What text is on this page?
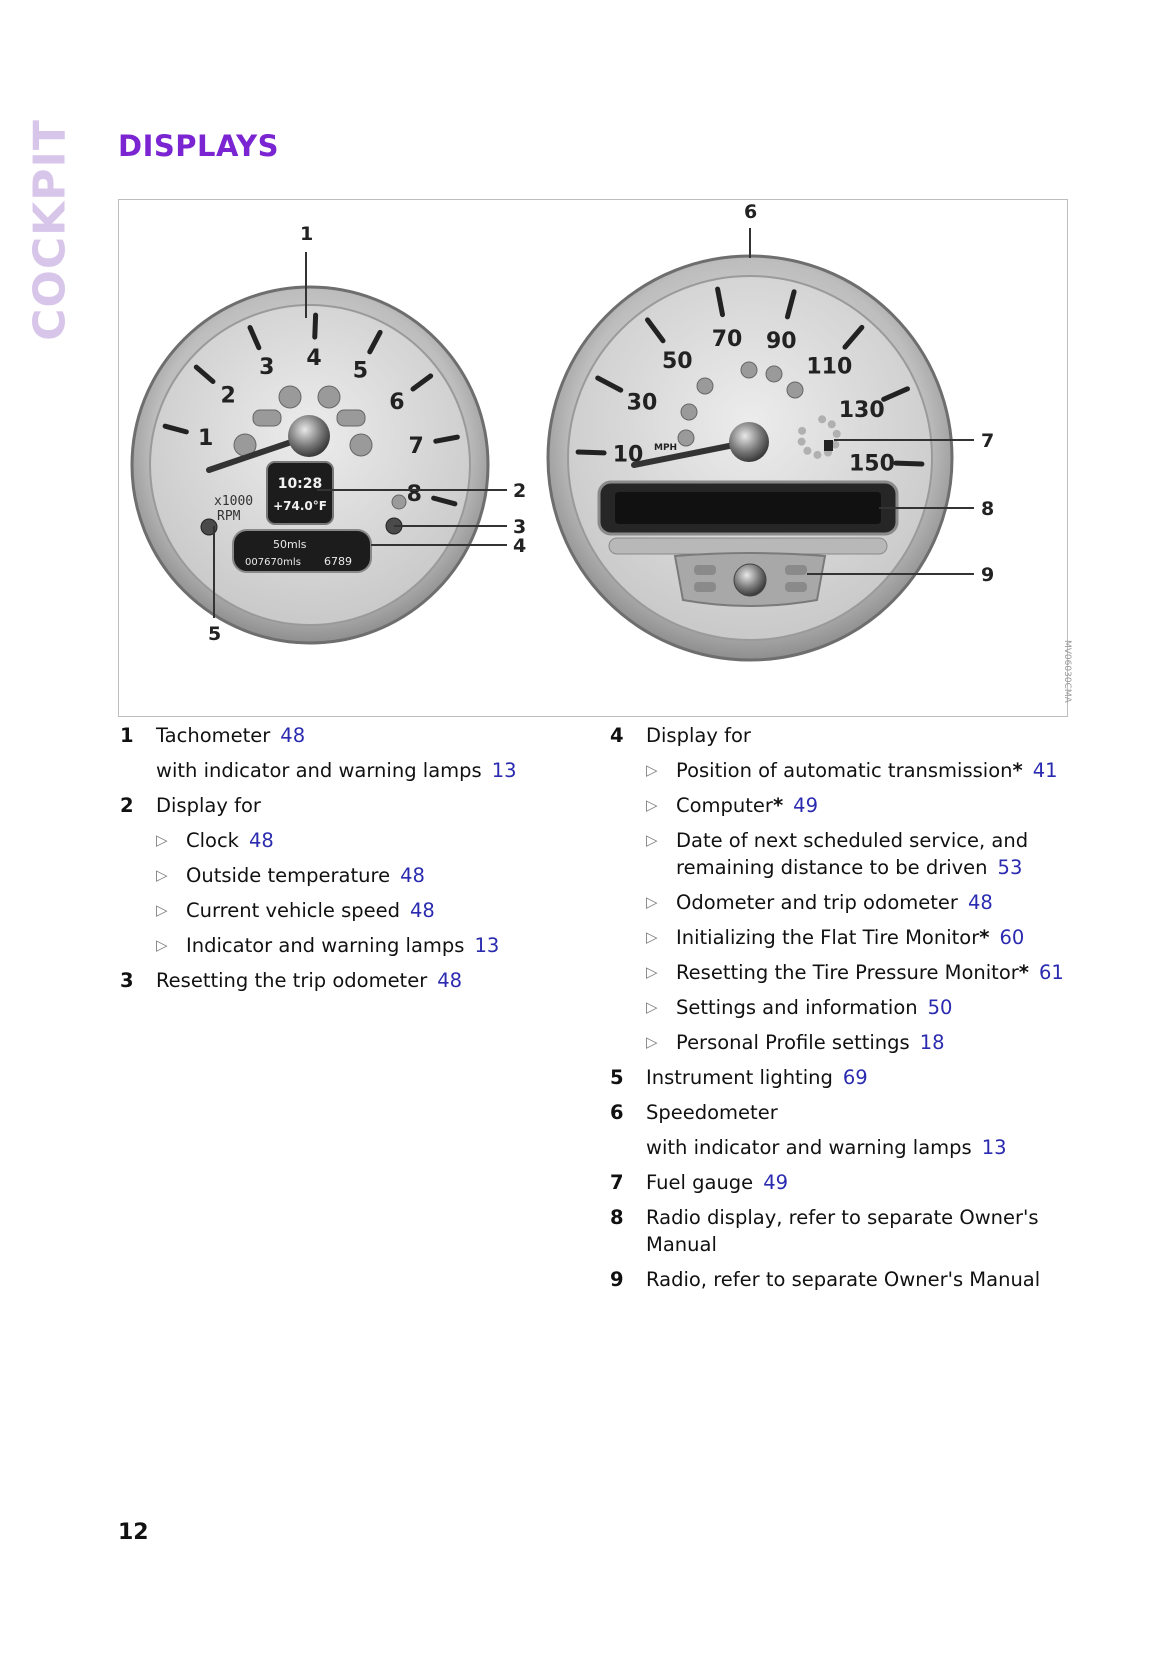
COCKPIT DISPLAYS
1
2
3 4 5
6
7
8
x1000
RPM
10:28
+74.0°F
50mls
007670mls 6789
10
30
50
70 90
110
130
150
MPH
1
2
3
4
5
6
7
8
9
MV06030CMA
1 Tachometer 48
with indicator and warning lamps 13
2 Display for
▷ Clock 48
▷ Outside temperature 48
▷ Current vehicle speed 48
▷ Indicator and warning lamps 13
3 Resetting the trip odometer 48
4 Display for
▷ Position of automatic transmission* 41
▷ Computer* 49
▷ Date of next scheduled service, and remaining distance to be driven 53
▷ Odometer and trip odometer 48
▷ Initializing the Flat Tire Monitor* 60
▷ Resetting the Tire Pressure Monitor* 61
▷ Settings and information 50
▷ Personal Profile settings 18
5 Instrument lighting 69
6 Speedometer
with indicator and warning lamps 13
7 Fuel gauge 49
8 Radio display, refer to separate Owner's Manual
9 Radio, refer to separate Owner's Manual
12
